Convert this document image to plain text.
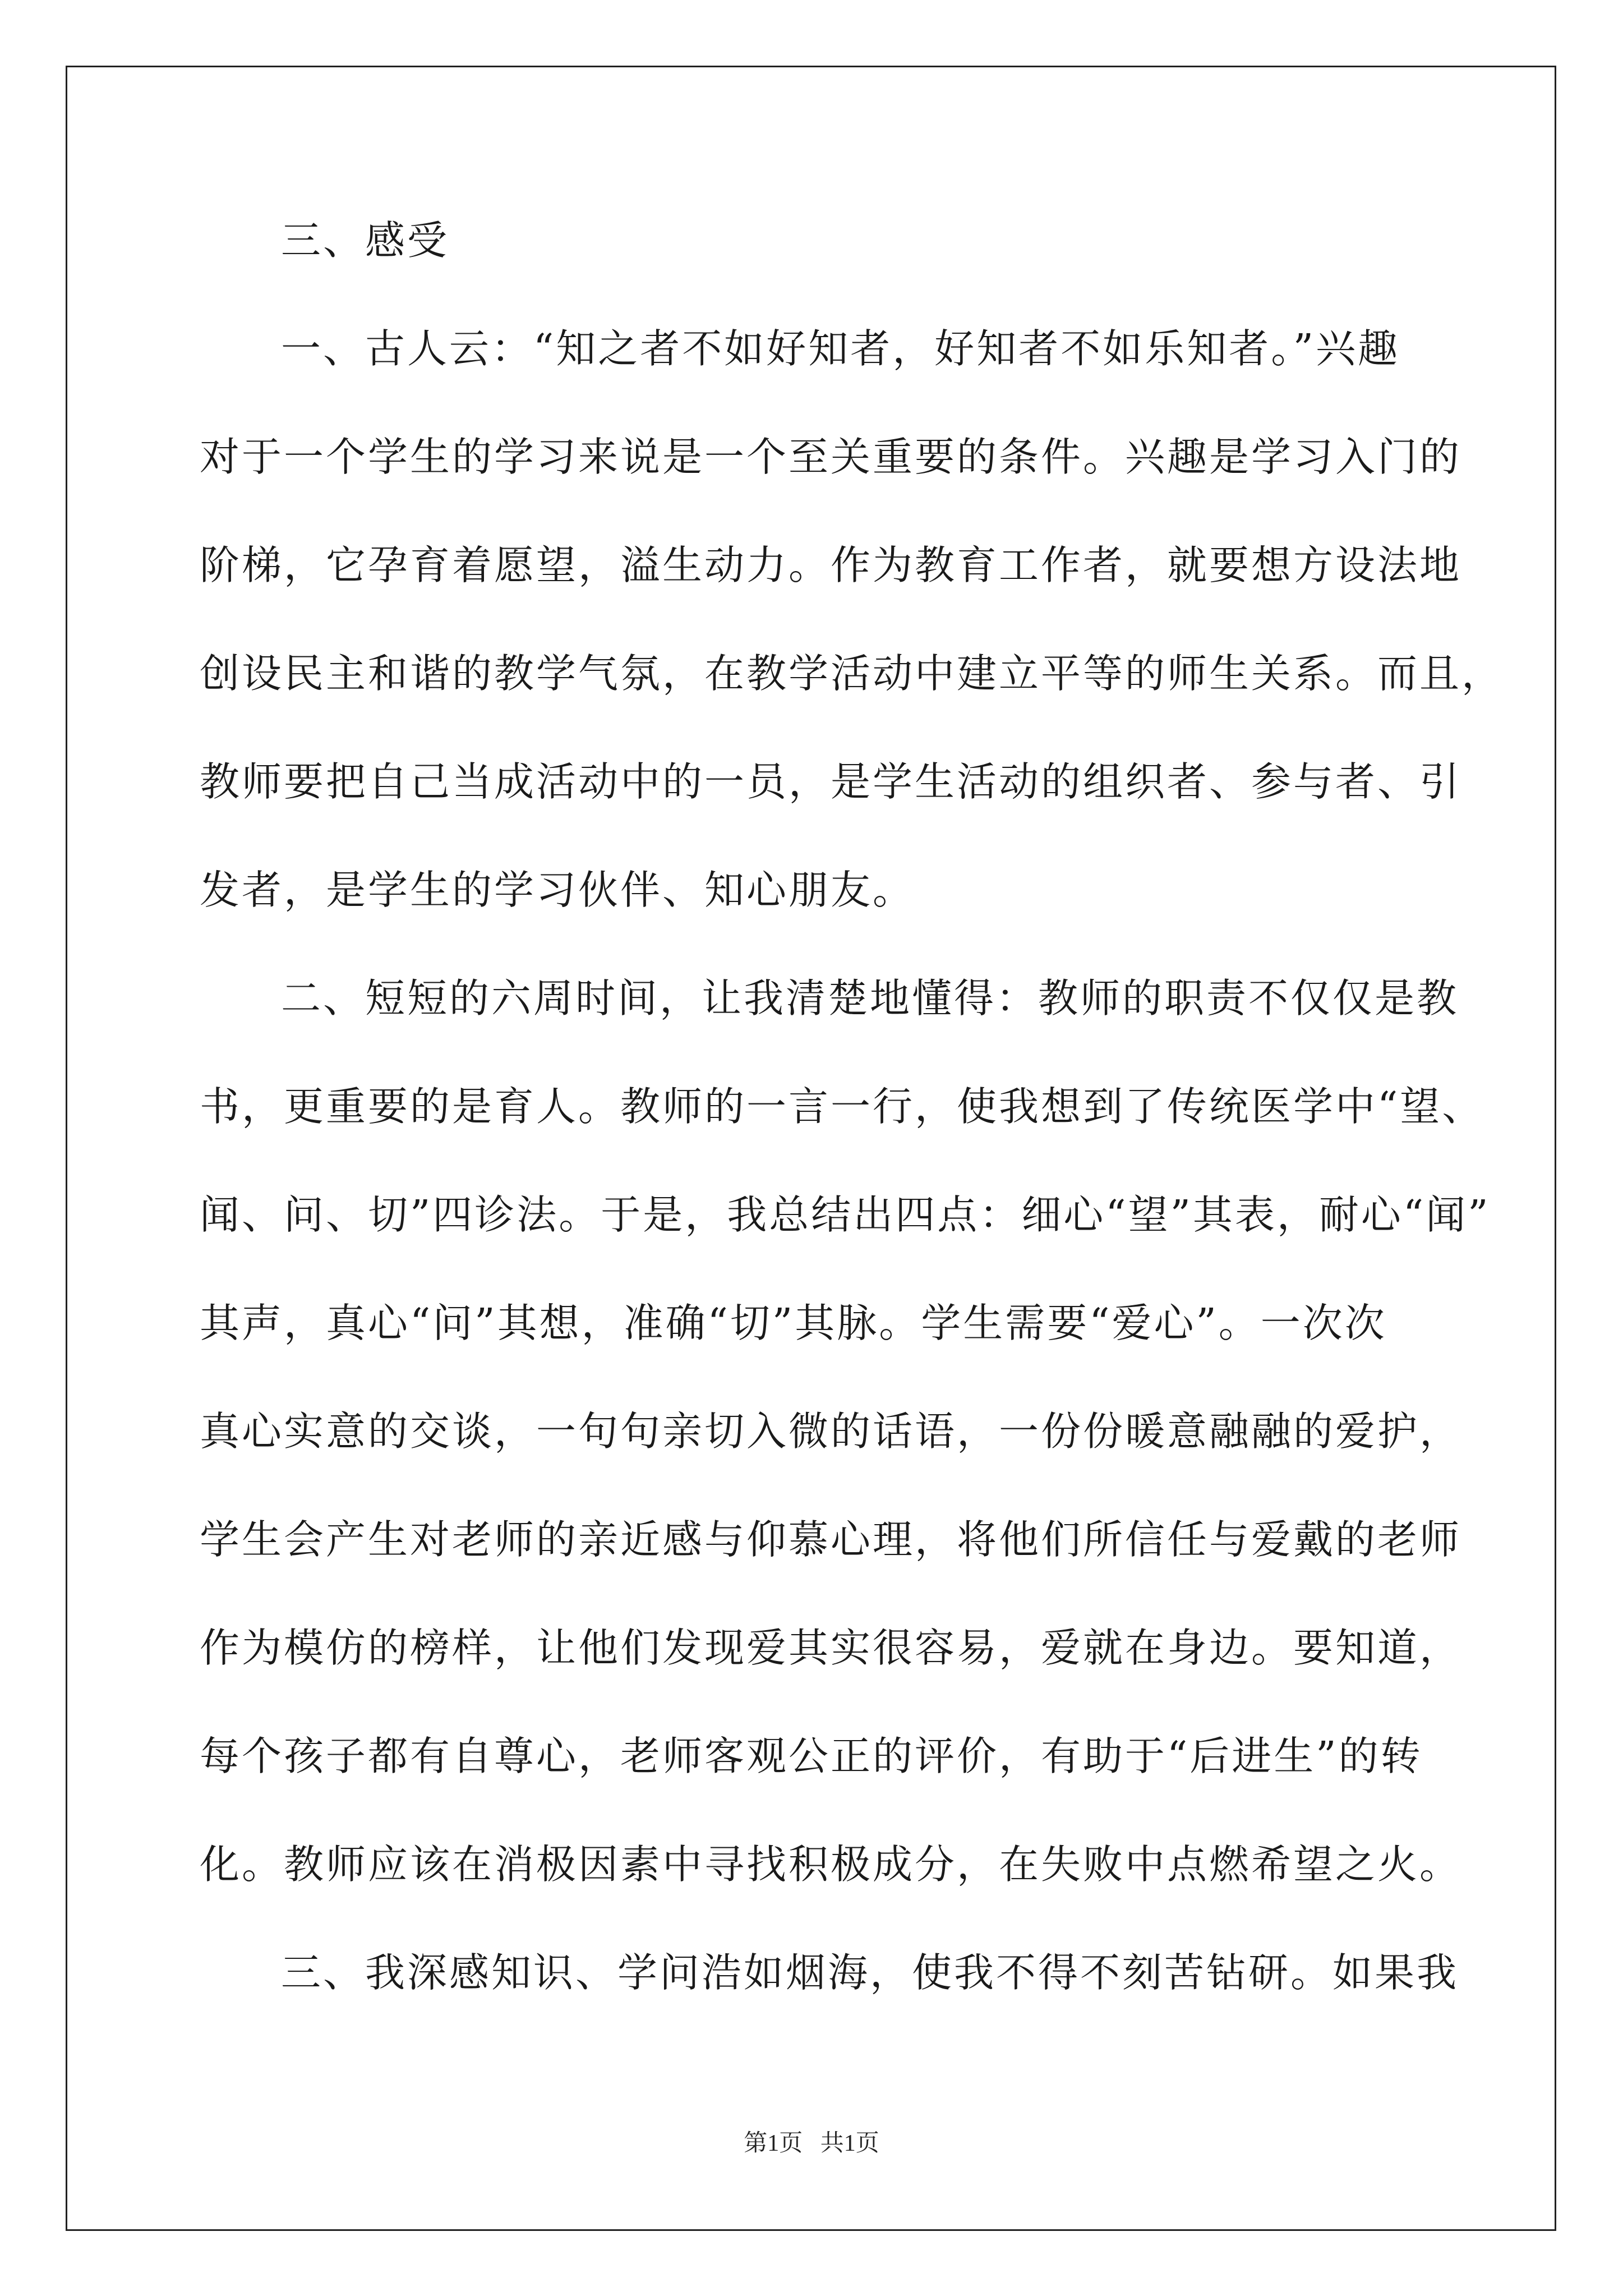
三、感受
一、古人云：“知之者不如好知者，好知者不如乐知者。”兴趣
对于一个学生的学习来说是一个至关重要的条件。兴趣是学习入门的
阶梯，它孕育着愿望，溢生动力。作为教育工作者，就要想方设法地
创设民主和谐的教学气氛，在教学活动中建立平等的师生关系。而且，
教师要把自己当成活动中的一员，是学生活动的组织者、参与者、引
发者，是学生的学习伙伴、知心朋友。
二、短短的六周时间，让我清楚地懂得：教师的职责不仅仅是教
书，更重要的是育人。教师的一言一行，使我想到了传统医学中“望、
闻、问、切”四诊法。于是，我总结出四点：细心“望”其表，耐心“闻”
其声，真心“问”其想，准确“切”其脉。学生需要“爱心”。一次次
真心实意的交谈，一句句亲切入微的话语，一份份暖意融融的爱护，
学生会产生对老师的亲近感与仰慕心理，将他们所信任与爱戴的老师
作为模仿的榜样，让他们发现爱其实很容易，爱就在身边。要知道，
每个孩子都有自尊心，老师客观公正的评价，有助于“后进生”的转
化。教师应该在消极因素中寻找积极成分，在失败中点燃希望之火。
三、我深感知识、学问浩如烟海，使我不得不刻苦钻研。如果我
第1页   共1页
